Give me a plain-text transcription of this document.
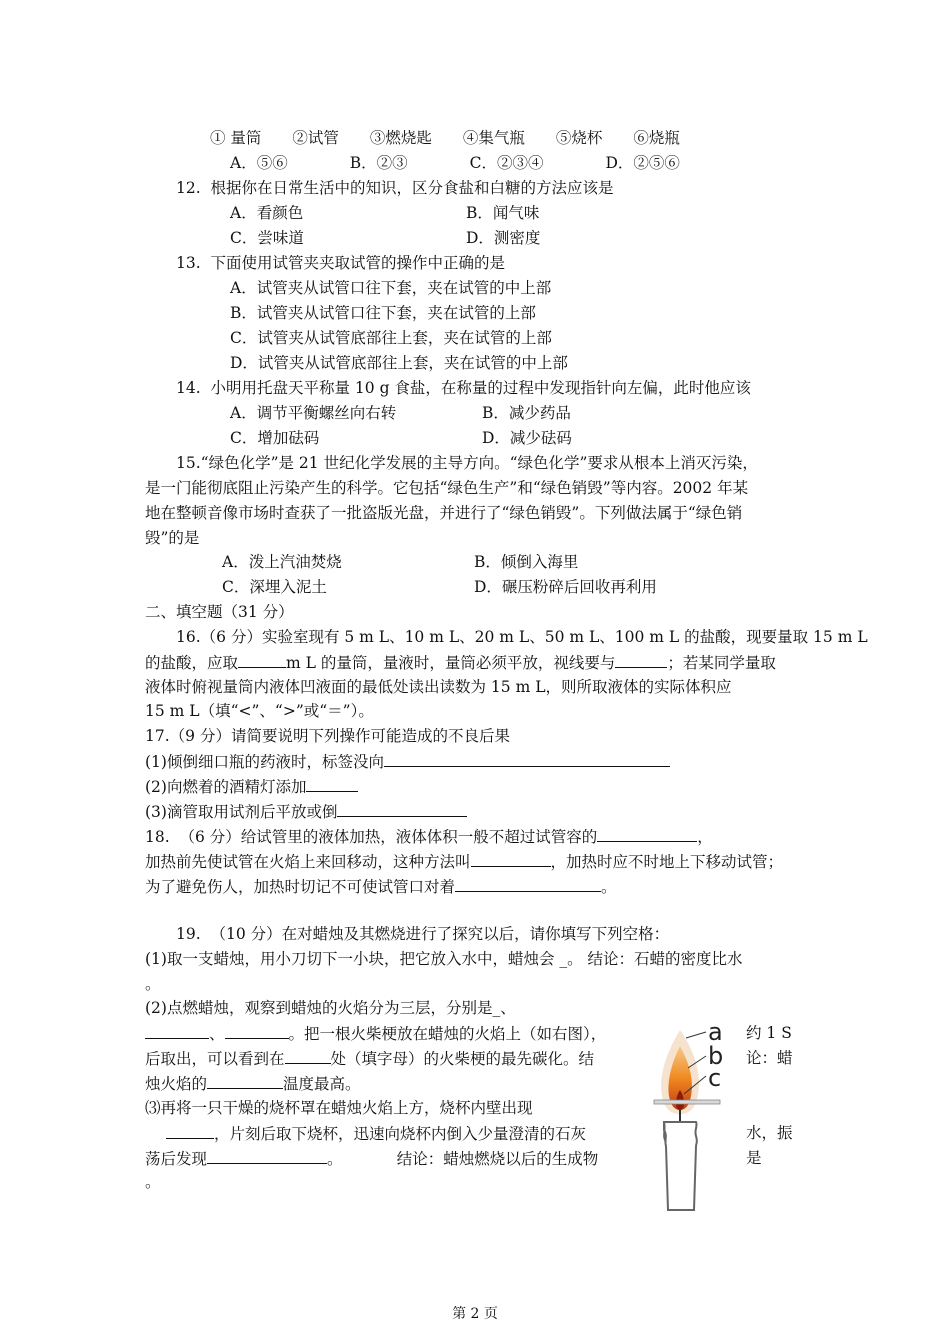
① 量筒　　②试管　　③燃烧匙　　④集气瓶　　⑤烧杯　　⑥烧瓶
A．⑤⑥　　　　B．②③　　　　C．②③④　　　　D．②⑤⑥
12.  根据你在日常生活中的知识，区分食盐和白糖的方法应该是
A．看颜色	B．闻气味
C．尝味道	D．测密度
13.  下面使用试管夹夹取试管的操作中正确的是
A．试管夹从试管口往下套，夹在试管的中上部
B．试管夹从试管口往下套，夹在试管的上部
C．试管夹从试管底部往上套，夹在试管的上部
D．试管夹从试管底部往上套，夹在试管的中上部
14.  小明用托盘天平称量 10 g 食盐，在称量的过程中发现指针向左偏，此时他应该
A．调节平衡螺丝向右转	B．减少药品
C．增加砝码	D．减少砝码
15.“绿色化学”是 21 世纪化学发展的主导方向。“绿色化学”要求从根本上消灭污染，
是一门能彻底阻止污染产生的科学。它包括“绿色生产”和“绿色销毁”等内容。2002 年某
地在整顿音像市场时查获了一批盗版光盘，并进行了“绿色销毁”。下列做法属于“绿色销
毁”的是
A．泼上汽油焚烧	B．倾倒入海里
C．深埋入泥土	D．碾压粉碎后回收再利用
二、填空题（31 分）
16.（6 分）实验室现有 5 m L、10 m L、20 m L、50 m L、100 m L 的盐酸，现要量取 15 m L
的盐酸，应取	m L 的量筒，量液时，量筒必须平放，视线要与	；若某同学量取
液体时俯视量筒内液体凹液面的最低处读出读数为 15 m L，则所取液体的实际体积应
15 m L（填“<”、“>”或“＝”）。
17.（9 分）请简要说明下列操作可能造成的不良后果
(1)倾倒细口瓶的药液时，标签没向
(2)向燃着的酒精灯添加
(3)滴管取用试剂后平放或倒
18.  （6 分）给试管里的液体加热，液体体积一般不超过试管容的	，
加热前先使试管在火焰上来回移动，这种方法叫	，加热时应不时地上下移动试管；
为了避免伤人，加热时切记不可使试管口对着	。
19.  （10 分）在对蜡烛及其燃烧进行了探究以后，请你填写下列空格：
(1)取一支蜡烛，用小刀切下一小块，把它放入水中，蜡烛会 _。 结论：石蜡的密度比水
。
(2)点燃蜡烛，观察到蜡烛的火焰分为三层，分别是_、
、	。把一根火柴梗放在蜡烛的火焰上（如右图），	约 1 S
后取出，可以看到在	处（填字母）的火柴梗的最先碳化。结	论：蜡
烛火焰的	温度最高。
⑶再将一只干燥的烧杯罩在蜡烛火焰上方，烧杯内壁出现
，片刻后取下烧杯，迅速向烧杯内倒入少量澄清的石灰	水，振
荡后发现	。　　　　结论：蜡烛燃烧以后的生成物	是
。
a
b
c
第 2 页
